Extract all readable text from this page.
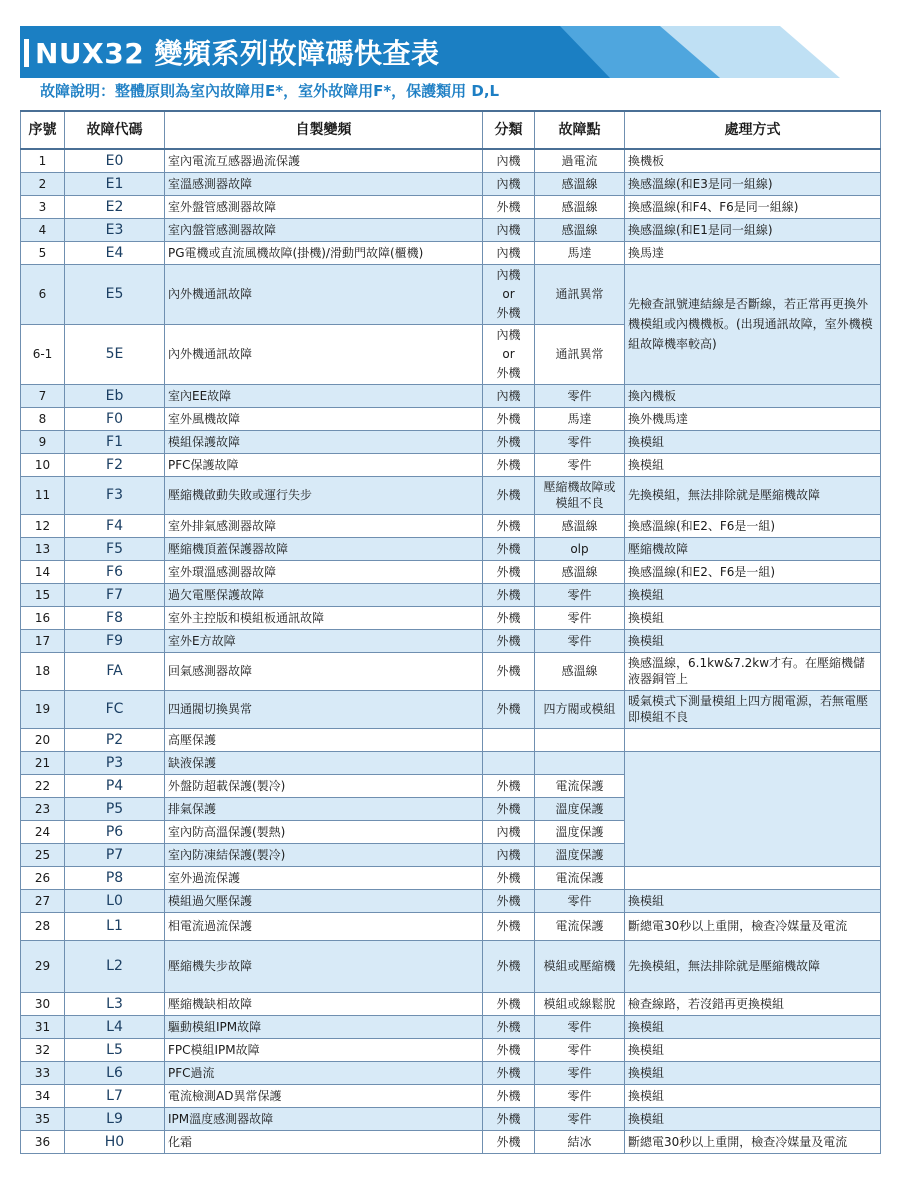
NUX32 變頻系列故障碼快查表
故障說明：整體原則為室內故障用E*，室外故障用F*，保護類用 D,L
序號	故障代碼	自製變頻	分類	故障點	處理方式
1	E0	室內電流互感器過流保護	內機	過電流	換機板
2	E1	室溫感測器故障	內機	感溫線	換感溫線(和E3是同一組線)
3	E2	室外盤管感測器故障	外機	感溫線	換感溫線(和F4、F6是同一組線)
4	E3	室內盤管感測器故障	內機	感溫線	換感溫線(和E1是同一組線)
5	E4	PG電機或直流風機故障(掛機)/滑動門故障(櫃機)	內機	馬達	換馬達
6	E5	內外機通訊故障	內機
or
外機	通訊異常	先檢查訊號連結線是否斷線，若正常再更換外機模組或內機機板。(出現通訊故障，室外機模組故障機率較高)
6-1	5E	內外機通訊故障	內機
or
外機	通訊異常	
7	Eb	室內EE故障	內機	零件	換內機板
8	F0	室外風機故障	外機	馬達	換外機馬達
9	F1	模組保護故障	外機	零件	換模組
10	F2	PFC保護故障	外機	零件	換模組
11	F3	壓縮機啟動失敗或運行失步	外機	壓縮機故障或模組不良	先換模組，無法排除就是壓縮機故障
12	F4	室外排氣感測器故障	外機	感溫線	換感溫線(和E2、F6是一組)
13	F5	壓縮機頂蓋保護器故障	外機	olp	壓縮機故障
14	F6	室外環溫感測器故障	外機	感溫線	換感溫線(和E2、F6是一組)
15	F7	過欠電壓保護故障	外機	零件	換模組
16	F8	室外主控版和模組板通訊故障	外機	零件	換模組
17	F9	室外E方故障	外機	零件	換模組
18	FA	回氣感測器故障	外機	感溫線	換感溫線，6.1kw&7.2kw才有。在壓縮機儲液器銅管上
19	FC	四通閥切換異常	外機	四方閥或模組	暖氣模式下測量模組上四方閥電源，若無電壓即模組不良
20	P2	高壓保護			
21	P3	缺液保護			
22	P4	外盤防超載保護(製冷)	外機	電流保護	
23	P5	排氣保護	外機	溫度保護	
24	P6	室內防高溫保護(製熱)	內機	溫度保護	
25	P7	室內防凍結保護(製冷)	內機	溫度保護	
26	P8	室外過流保護	外機	電流保護	
27	L0	模組過欠壓保護	外機	零件	換模組
28	L1	相電流過流保護	外機	電流保護	斷總電30秒以上重開，檢查冷媒量及電流
29	L2	壓縮機失步故障	外機	模組或壓縮機	先換模組，無法排除就是壓縮機故障
30	L3	壓縮機缺相故障	外機	模組或線鬆脫	檢查線路，若沒錯再更換模組
31	L4	驅動模組IPM故障	外機	零件	換模組
32	L5	FPC模組IPM故障	外機	零件	換模組
33	L6	PFC過流	外機	零件	換模組
34	L7	電流檢測AD異常保護	外機	零件	換模組
35	L9	IPM溫度感測器故障	外機	零件	換模組
36	H0	化霜	外機	結冰	斷總電30秒以上重開，檢查冷媒量及電流
